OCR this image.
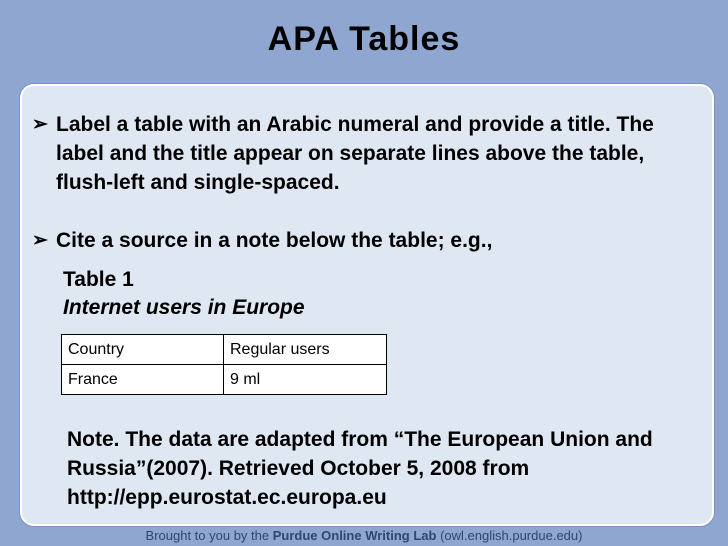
APA Tables
➢ Label a table with an Arabic numeral and provide a title. The label and the title appear on separate lines above the table, flush-left and single-spaced.
➢ Cite a source in a note below the table; e.g.,
Table 1
Internet users in Europe
Country	Regular users
France	9 ml
Note. The data are adapted from “The European Union and Russia”(2007). Retrieved October 5, 2008 from http://epp.eurostat.ec.europa.eu
Brought to you by the Purdue Online Writing Lab (owl.english.purdue.edu)
